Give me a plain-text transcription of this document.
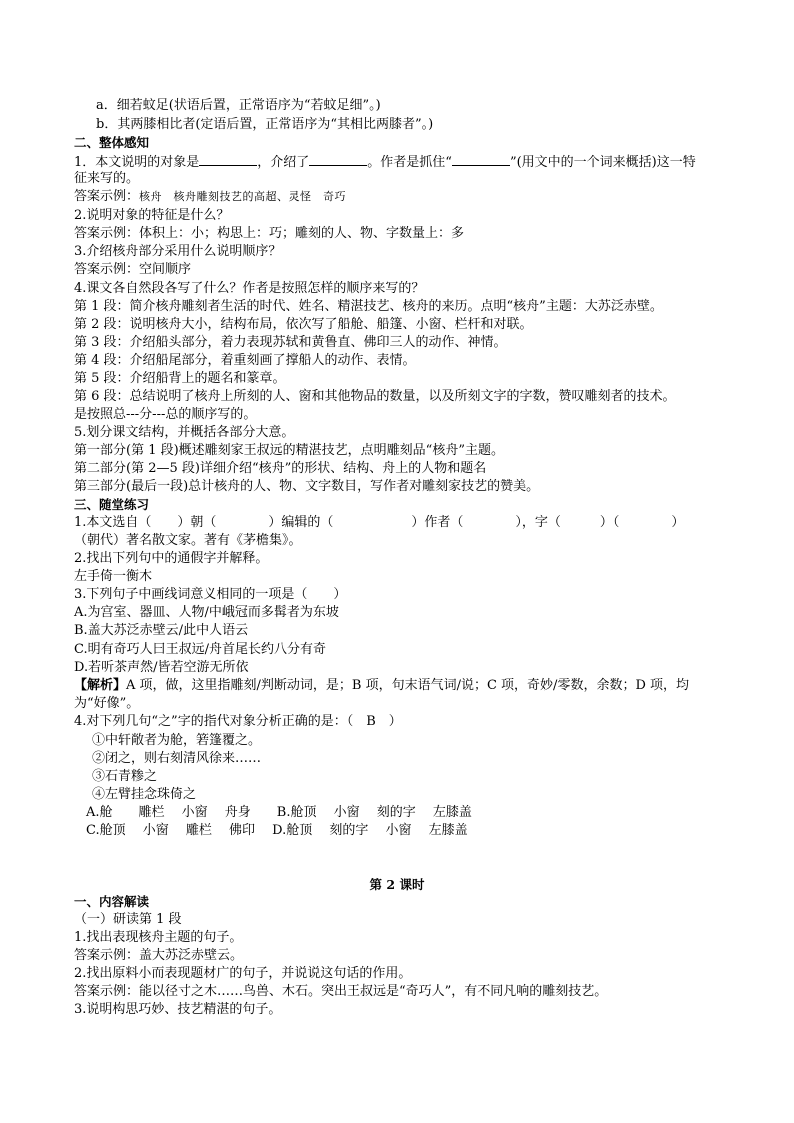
a．细若蚊足(状语后置，正常语序为“若蚊足细”。)
b．其两膝相比者(定语后置，正常语序为“其相比两膝者”。)
二、整体感知
1．本文说明的对象是	，介绍了	。作者是抓住“	”(用文中的一个词来概括)这一特
征来写的。
答案示例：核舟　核舟雕刻技艺的高超、灵怪　奇巧
2.说明对象的特征是什么？
答案示例：体积上：小；构思上：巧；雕刻的人、物、字数量上：多
3.介绍核舟部分采用什么说明顺序？
答案示例：空间顺序
4.课文各自然段各写了什么？作者是按照怎样的顺序来写的？
第 1 段：简介核舟雕刻者生活的时代、姓名、精湛技艺、核舟的来历。点明“核舟”主题：大苏泛赤壁。
第 2 段：说明核舟大小，结构布局，依次写了船舱、船篷、小窗、栏杆和对联。
第 3 段：介绍船头部分，着力表现苏轼和黄鲁直、佛印三人的动作、神情。
第 4 段：介绍船尾部分，着重刻画了撑船人的动作、表情。
第 5 段：介绍船背上的题名和篆章。
第 6 段：总结说明了核舟上所刻的人、窗和其他物品的数量，以及所刻文字的字数，赞叹雕刻者的技术。
是按照总---分---总的顺序写的。
5.划分课文结构，并概括各部分大意。
第一部分(第 1 段)概述雕刻家王叔远的精湛技艺，点明雕刻品“核舟”主题。
第二部分(第 2—5 段)详细介绍“核舟”的形状、结构、舟上的人物和题名
第三部分(最后一段)总计核舟的人、物、文字数目，写作者对雕刻家技艺的赞美。
三、随堂练习
1.本文选自（　　）朝（　　　　）编辑的（　　　　　　）作者（　　　　），字（　　　）（　　　　）
（朝代）著名散文家。著有《茅檐集》。
2.找出下列句中的通假字并解释。
左手倚一衡木
3.下列句子中画线词意义相同的一项是（　　）
A.为宫室、器皿、人物/中峨冠而多髯者为东坡
B.盖大苏泛赤壁云/此中人语云
C.明有奇巧人曰王叔远/舟首尾长约八分有奇
D.若听茶声然/皆若空游无所依
【解析】A 项，做，这里指雕刻/判断动词，是；B 项，句末语气词/说；C 项，奇妙/零数，余数；D 项，均
为“好像”。
4.对下列几句“之”字的指代对象分析正确的是：（　B　）
①中轩敞者为舱，箬篷覆之。
②闭之，则右刻清风徐来……
③石青糁之
④左臂挂念珠倚之
A.舱　　雕栏　 小窗　 舟身　　B.舱顶　 小窗　 刻的字　 左膝盖
C.舱顶　 小窗　 雕栏　 佛印　 D.舱顶　 刻的字　 小窗　 左膝盖
第 2 课时
一、内容解读
（一）研读第 1 段
1.找出表现核舟主题的句子。
答案示例：盖大苏泛赤壁云。
2.找出原料小而表现题材广的句子，并说说这句话的作用。
答案示例：能以径寸之木……鸟兽、木石。突出王叔远是“奇巧人”，有不同凡响的雕刻技艺。
3.说明构思巧妙、技艺精湛的句子。
